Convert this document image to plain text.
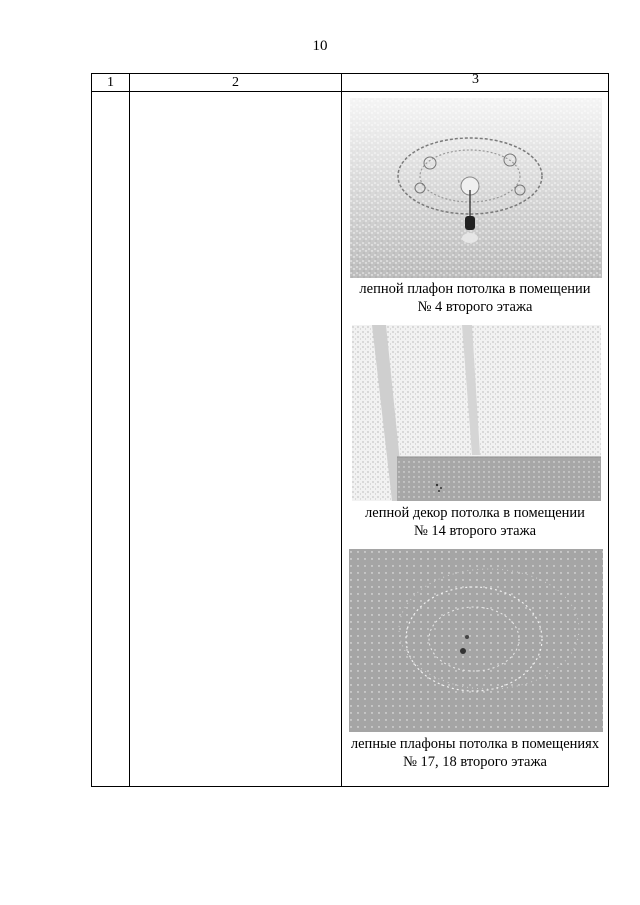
10
1	2	3
лепной плафон потолка в помещении
№ 4 второго этажа
лепной декор потолка в помещении
№ 14 второго этажа
лепные плафоны потолка в помещениях
№ 17, 18 второго этажа
